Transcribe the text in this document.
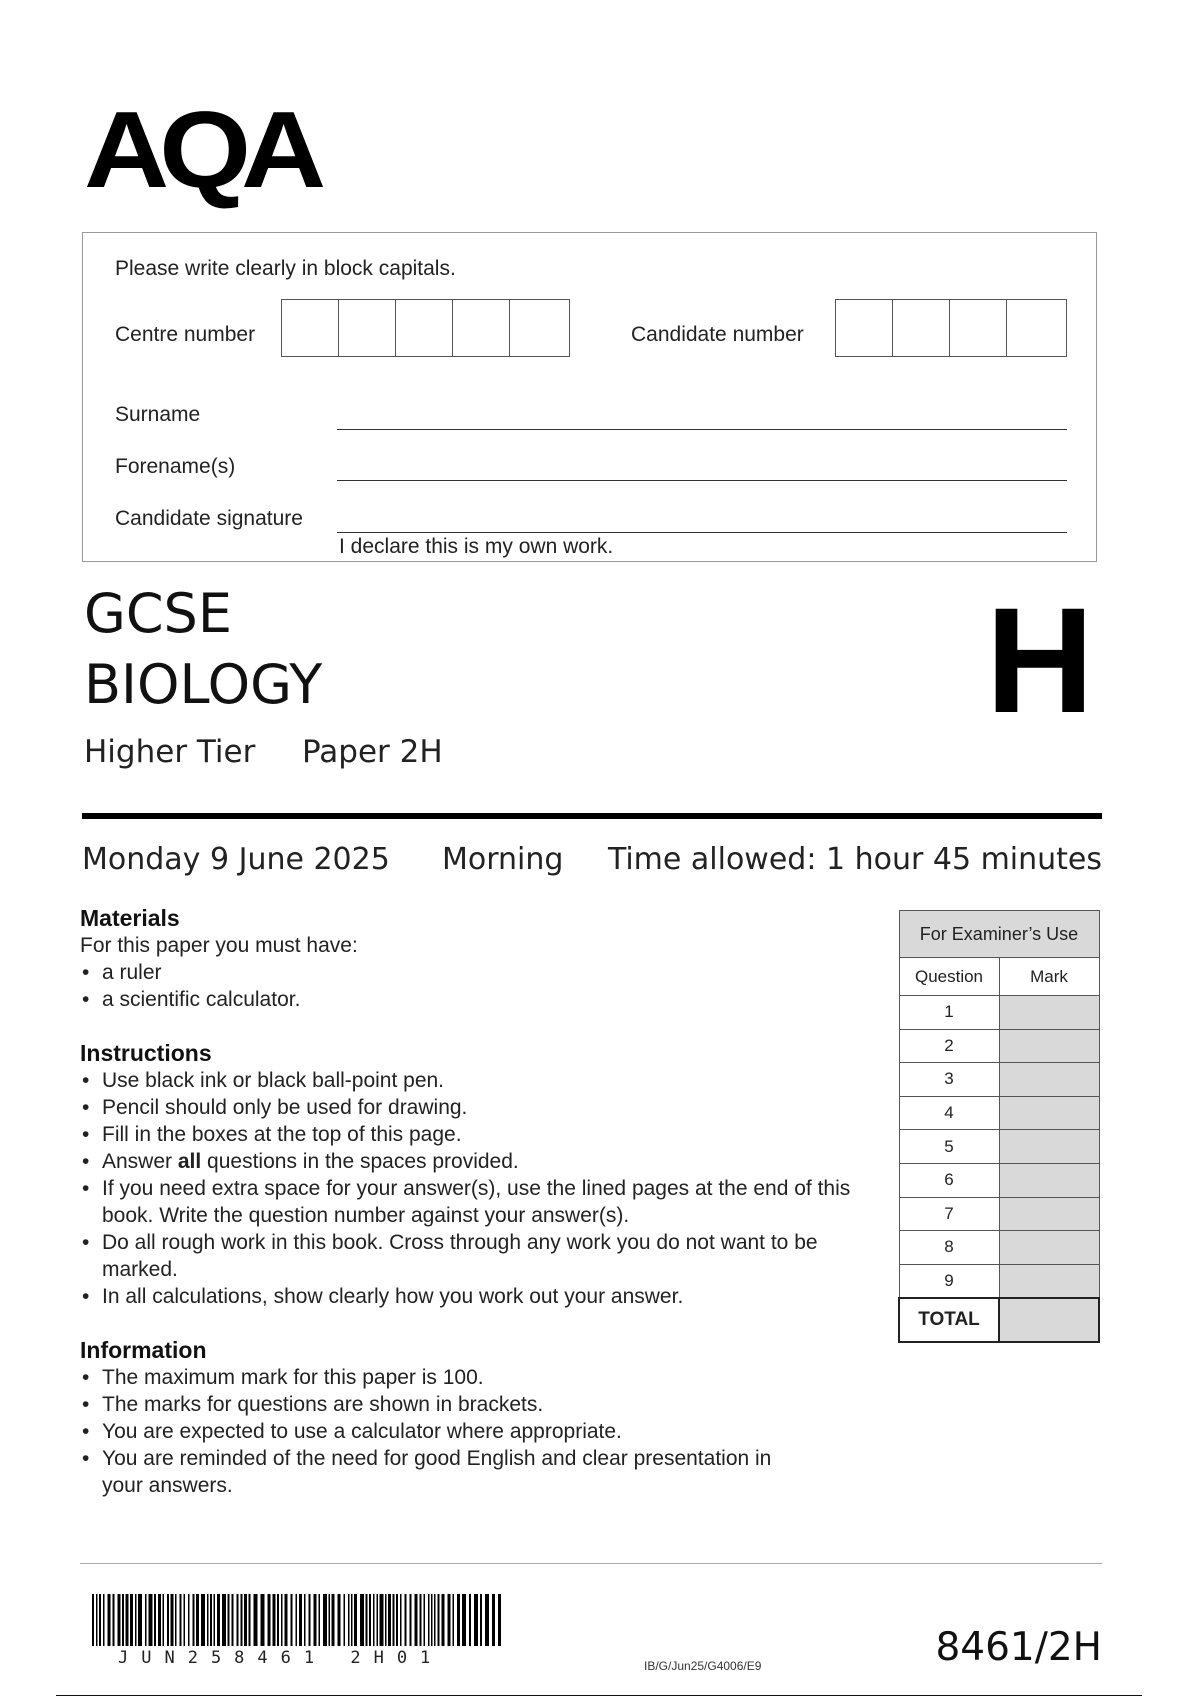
AQA
Please write clearly in block capitals.
Centre number	Candidate number
Surname
Forename(s)
Candidate signature
I declare this is my own work.
GCSE
BIOLOGY
Higher Tier Paper 2H
H
Monday 9 June 2025 Morning Time allowed: 1 hour 45 minutes
Materials
For this paper you must have:
• a ruler
• a scientific calculator.
Instructions
• Use black ink or black ball-point pen.
• Pencil should only be used for drawing.
• Fill in the boxes at the top of this page.
• Answer all questions in the spaces provided.
• If you need extra space for your answer(s), use the lined pages at the end of this book. Write the question number against your answer(s).
• Do all rough work in this book. Cross through any work you do not want to be marked.
• In all calculations, show clearly how you work out your answer.
Information
• The maximum mark for this paper is 100.
• The marks for questions are shown in brackets.
• You are expected to use a calculator where appropriate.
• You are reminded of the need for good English and clear presentation in your answers.
For Examiner’s Use	
Question	Mark
1	
2	
3	
4	
5	
6	
7	
8	
9	
TOTAL	
JUN258461 2H01	IB/G/Jun25/G4006/E9	8461/2H
